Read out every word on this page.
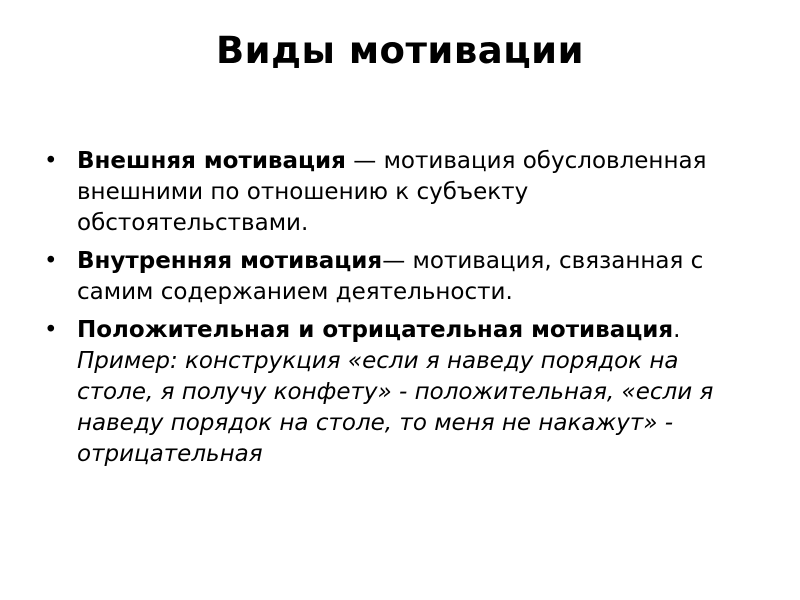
Виды мотивации
• Внешняя мотивация — мотивация обусловленная внешними по отношению к субъекту обстоятельствами.
• Внутренняя мотивация— мотивация, связанная с самим содержанием деятельности.
• Положительная и отрицательная мотивация. Пример: конструкция «если я наведу порядок на столе, я получу конфету» - положительная, «если я наведу порядок на столе, то меня не накажут» - отрицательная
